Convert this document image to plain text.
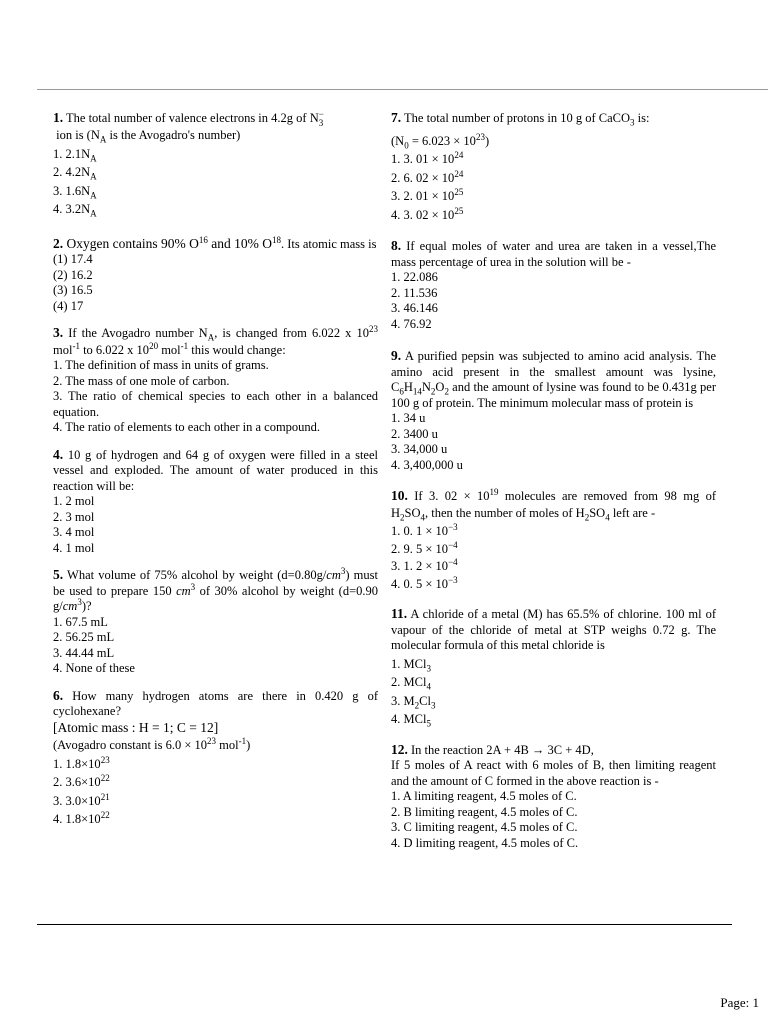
1. The total number of valence electrons in 4.2g of N −
3

ion is ($N_A$ is the Avogadro's number)
1. $2.1N_A$
2. $4.2N_A$
3. $1.6N_A$
4. $3.2N_A$
2. Oxygen contains 90% $O^{16}$ and 10% $O^{18}$. Its atomic mass is
(1) 17.4
(2) 16.2
(3) 16.5
(4) 17
3. If the Avogadro number $N_A$, is changed from 6.022 x $10^{23}$ mol$^{-1}$ to 6.022 x $10^{20}$ mol$^{-1}$ this would change:
1. The definition of mass in units of grams.
2. The mass of one mole of carbon.
3. The ratio of chemical species to each other in a balanced equation.
4. The ratio of elements to each other in a compound.
4. 10 g of hydrogen and 64 g of oxygen were filled in a steel vessel and exploded. The amount of water produced in this reaction will be:
1. 2 mol
2. 3 mol
3. 4 mol
4. 1 mol
5. What volume of 75% alcohol by weight $(d=0.80g/cm^3)$ must be used to prepare 150 $cm^3$ of 30% alcohol by weight (d=0.90 $g/cm^3$)?
1. 67.5 mL
2. 56.25 mL
3. 44.44 mL
4. None of these
6. How many hydrogen atoms are there in 0.420 g of cyclohexane?
[Atomic mass : H = 1; C = 12]
(Avogadro constant is $6.0 \times 10^{23}$ mol$^{-1}$)
1. $1.8\times 10^{23}$
2. $3.6\times 10^{22}$
3. $3.0\times 10^{21}$
4. $1.8\times 10^{22}$
7. The total number of protons in 10 g of CaCO$_3$ is:
$(N_0 = 6.023 \times 10^{23})$
1. 3. $01 \times 10^{24}$
2. 6. $02 \times 10^{24}$
3. 2. $01 \times 10^{25}$
4. 3. $02 \times 10^{25}$
8. If equal moles of water and urea are taken in a vessel,The mass percentage of urea in the solution will be -
1. 22.086
2. 11.536
3. 46.146
4. 76.92
9. A purified pepsin was subjected to amino acid analysis. The amino acid present in the smallest amount was lysine, $C_6H_{14}N_2O_2$ and the amount of lysine was found to be 0.431g per 100 g of protein. The minimum molecular mass of protein is
1. 34 u
2. 3400 u
3. 34,000 u
4. 3,400,000 u
10. If 3. $02 \times 10^{19}$ molecules are removed from 98 mg of $H_2SO_4$, then the number of moles of $H_2SO_4$ left are -
1. 0. $1 \times 10^{-3}$
2. 9. $5 \times 10^{-4}$
3. 1. $2 \times 10^{-4}$
4. 0. $5 \times 10^{-3}$
11. A chloride of a metal (M) has 65.5% of chlorine. 100 ml of vapour of the chloride of metal at STP weighs 0.72 g. The molecular formula of this metal chloride is
1. MCl$_3$
2. MCl$_4$
3. $M_2Cl_3$
4. MCl$_5$
12. In the reaction 2A + 4B → 3C + 4D,
If 5 moles of A react with 6 moles of B, then limiting reagent and the amount of C formed in the above reaction is -
1. A limiting reagent, 4.5 moles of C.
2. B limiting reagent, 4.5 moles of C.
3. C limiting reagent, 4.5 moles of C.
4. D limiting reagent, 4.5 moles of C.
Page: 1
